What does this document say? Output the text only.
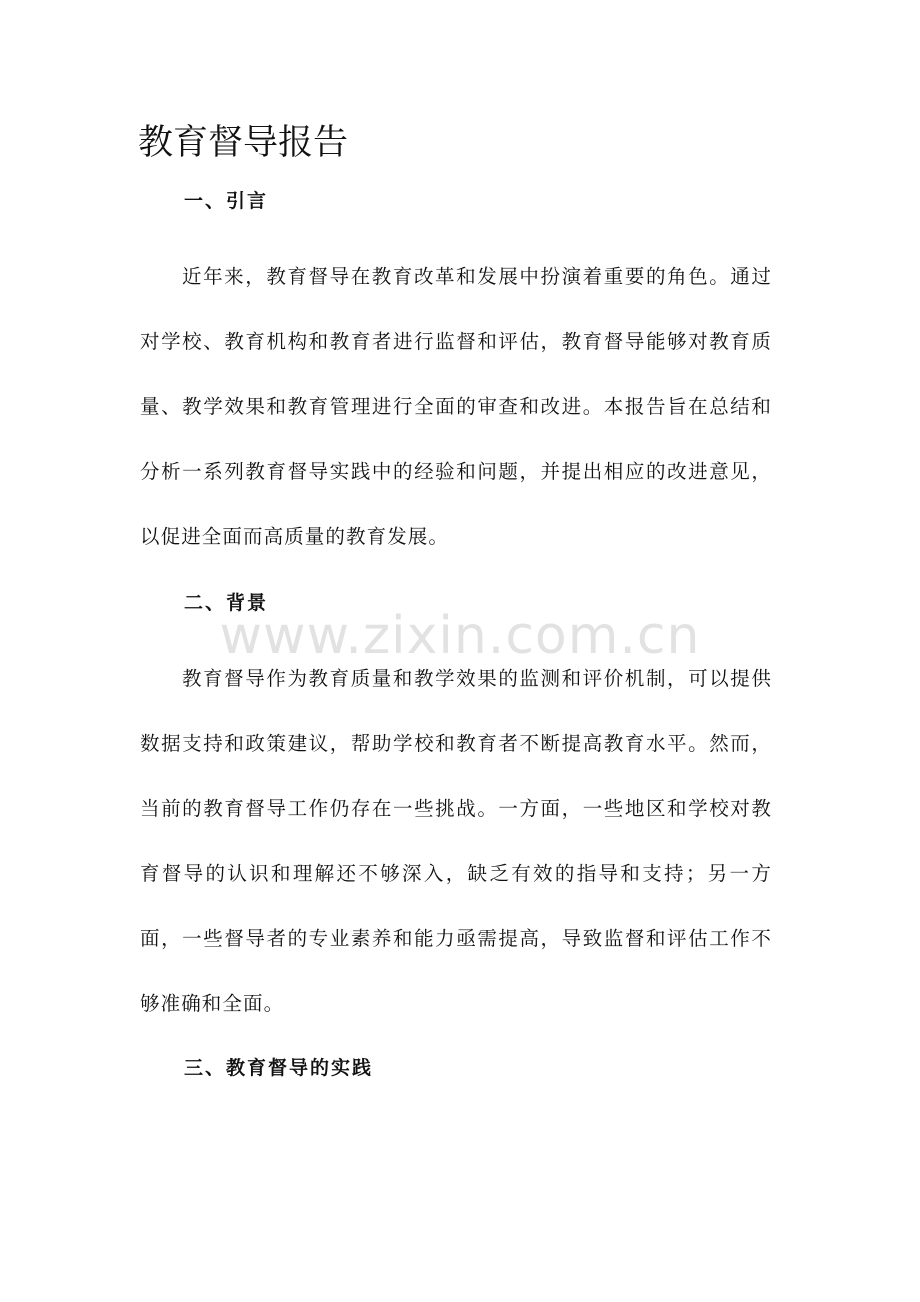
教育督导报告
一、引言

近年来，教育督导在教育改革和发展中扮演着重要的角色。通过对学校、教育机构和教育者进行监督和评估，教育督导能够对教育质量、教学效果和教育管理进行全面的审查和改进。本报告旨在总结和分析一系列教育督导实践中的经验和问题，并提出相应的改进意见，以促进全面而高质量的教育发展。

二、背景

教育督导作为教育质量和教学效果的监测和评价机制，可以提供数据支持和政策建议，帮助学校和教育者不断提高教育水平。然而，当前的教育督导工作仍存在一些挑战。一方面，一些地区和学校对教育督导的认识和理解还不够深入，缺乏有效的指导和支持；另一方面，一些督导者的专业素养和能力亟需提高，导致监督和评估工作不够准确和全面。

三、教育督导的实践
www.zixin.com.cn
